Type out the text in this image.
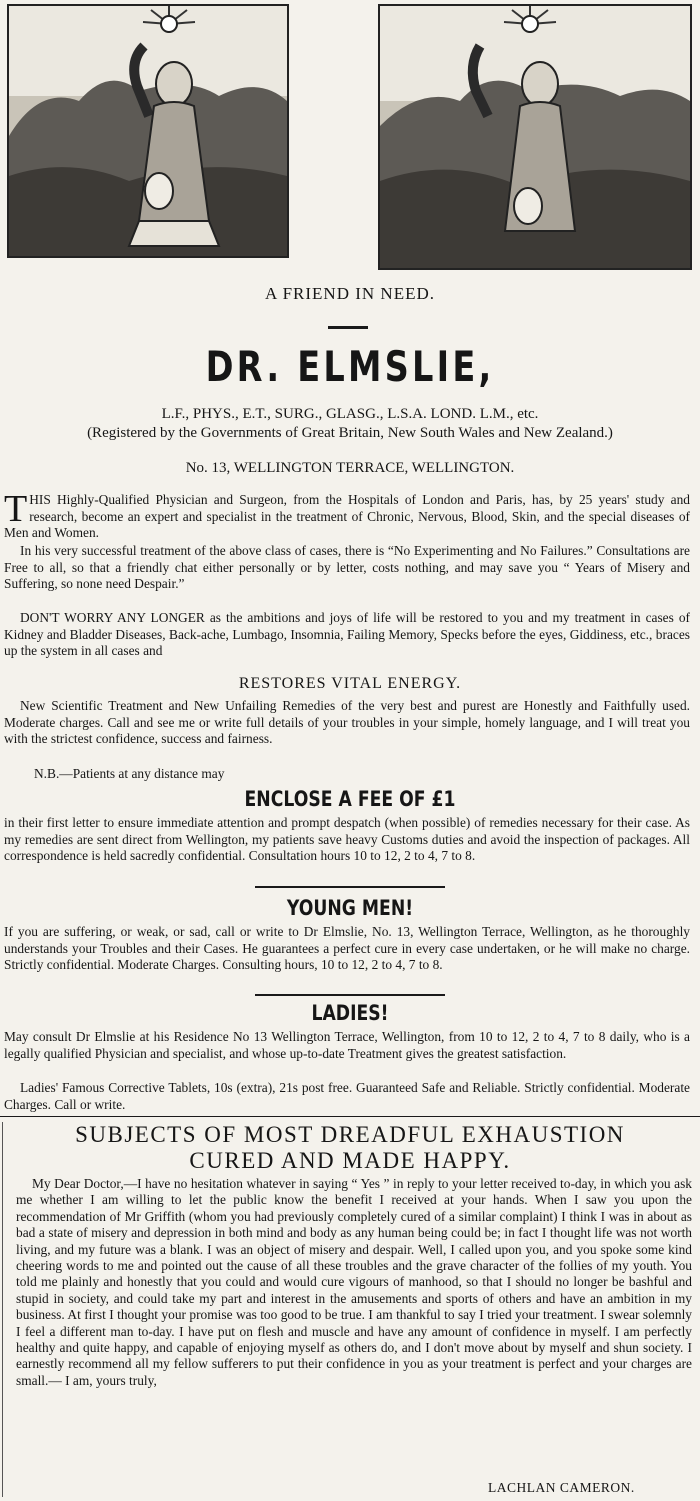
A FRIEND IN NEED.
DR. ELMSLIE,
L.F., PHYS., E.T., SURG., GLASG., L.S.A. LOND. L.M., etc.
(Registered by the Governments of Great Britain, New South Wales and New Zealand.)
No. 13, WELLINGTON TERRACE, WELLINGTON.

THIS Highly-Qualified Physician and Surgeon, from the Hospitals of London and Paris, has, by 25 years' study and research, become an expert and specialist in the treatment of Chronic, Nervous, Blood, Skin, and the special diseases of Men and Women.

In his very successful treatment of the above class of cases, there is “No Experimenting and No Failures.” Consultations are Free to all, so that a friendly chat either personally or by letter, costs nothing, and may save you “ Years of Misery and Suffering, so none need Despair.”

DON'T WORRY ANY LONGER as the ambitions and joys of life will be restored to you and my treatment in cases of Kidney and Bladder Diseases, Back-ache, Lumbago, Insomnia, Failing Memory, Specks before the eyes, Giddiness, etc., braces up the system in all cases and

RESTORES VITAL ENERGY.

New Scientific Treatment and New Unfailing Remedies of the very best and purest are Honestly and Faithfully used. Moderate charges. Call and see me or write full details of your troubles in your simple, homely language, and I will treat you with the strictest confidence, success and fairness.

N.B.—Patients at any distance may

ENCLOSE A FEE OF £1

in their first letter to ensure immediate attention and prompt despatch (when possible) of remedies necessary for their case. As my remedies are sent direct from Wellington, my patients save heavy Customs duties and avoid the inspection of packages. All correspondence is held sacredly confidential. Consultation hours 10 to 12, 2 to 4, 7 to 8.

YOUNG MEN!

If you are suffering, or weak, or sad, call or write to Dr Elmslie, No. 13, Wellington Terrace, Wellington, as he thoroughly understands your Troubles and their Cases. He guarantees a perfect cure in every case undertaken, or he will make no charge. Strictly confidential. Moderate Charges. Consulting hours, 10 to 12, 2 to 4, 7 to 8.

LADIES!

May consult Dr Elmslie at his Residence No 13 Wellington Terrace, Wellington, from 10 to 12, 2 to 4, 7 to 8 daily, who is a legally qualified Physician and specialist, and whose up-to-date Treatment gives the greatest satisfaction.

Ladies' Famous Corrective Tablets, 10s (extra), 21s post free. Guaranteed Safe and Reliable. Strictly confidential. Moderate Charges. Call or write.

SUBJECTS OF MOST DREADFUL EXHAUSTION
CURED AND MADE HAPPY.

My Dear Doctor,—I have no hesitation whatever in saying “ Yes ” in reply to your letter received to-day, in which you ask me whether I am willing to let the public know the benefit I received at your hands. When I saw you upon the recommendation of Mr Griffith (whom you had previously completely cured of a similar complaint) I think I was in about as bad a state of misery and depression in both mind and body as any human being could be; in fact I thought life was not worth living, and my future was a blank. I was an object of misery and despair. Well, I called upon you, and you spoke some kind cheering words to me and pointed out the cause of all these troubles and the grave character of the follies of my youth. You told me plainly and honestly that you could and would cure vigours of manhood, so that I should no longer be bashful and stupid in society, and could take my part and interest in the amusements and sports of others and have an ambition in my business. At first I thought your promise was too good to be true. I am thankful to say I tried your treatment. I swear solemnly I feel a different man to-day. I have put on flesh and muscle and have any amount of confidence in myself. I am perfectly healthy and quite happy, and capable of enjoying myself as others do, and I don't move about by myself and shun society. I earnestly recommend all my fellow sufferers to put their confidence in you as your treatment is perfect and your charges are small.— I am, yours truly,

LACHLAN CAMERON.
